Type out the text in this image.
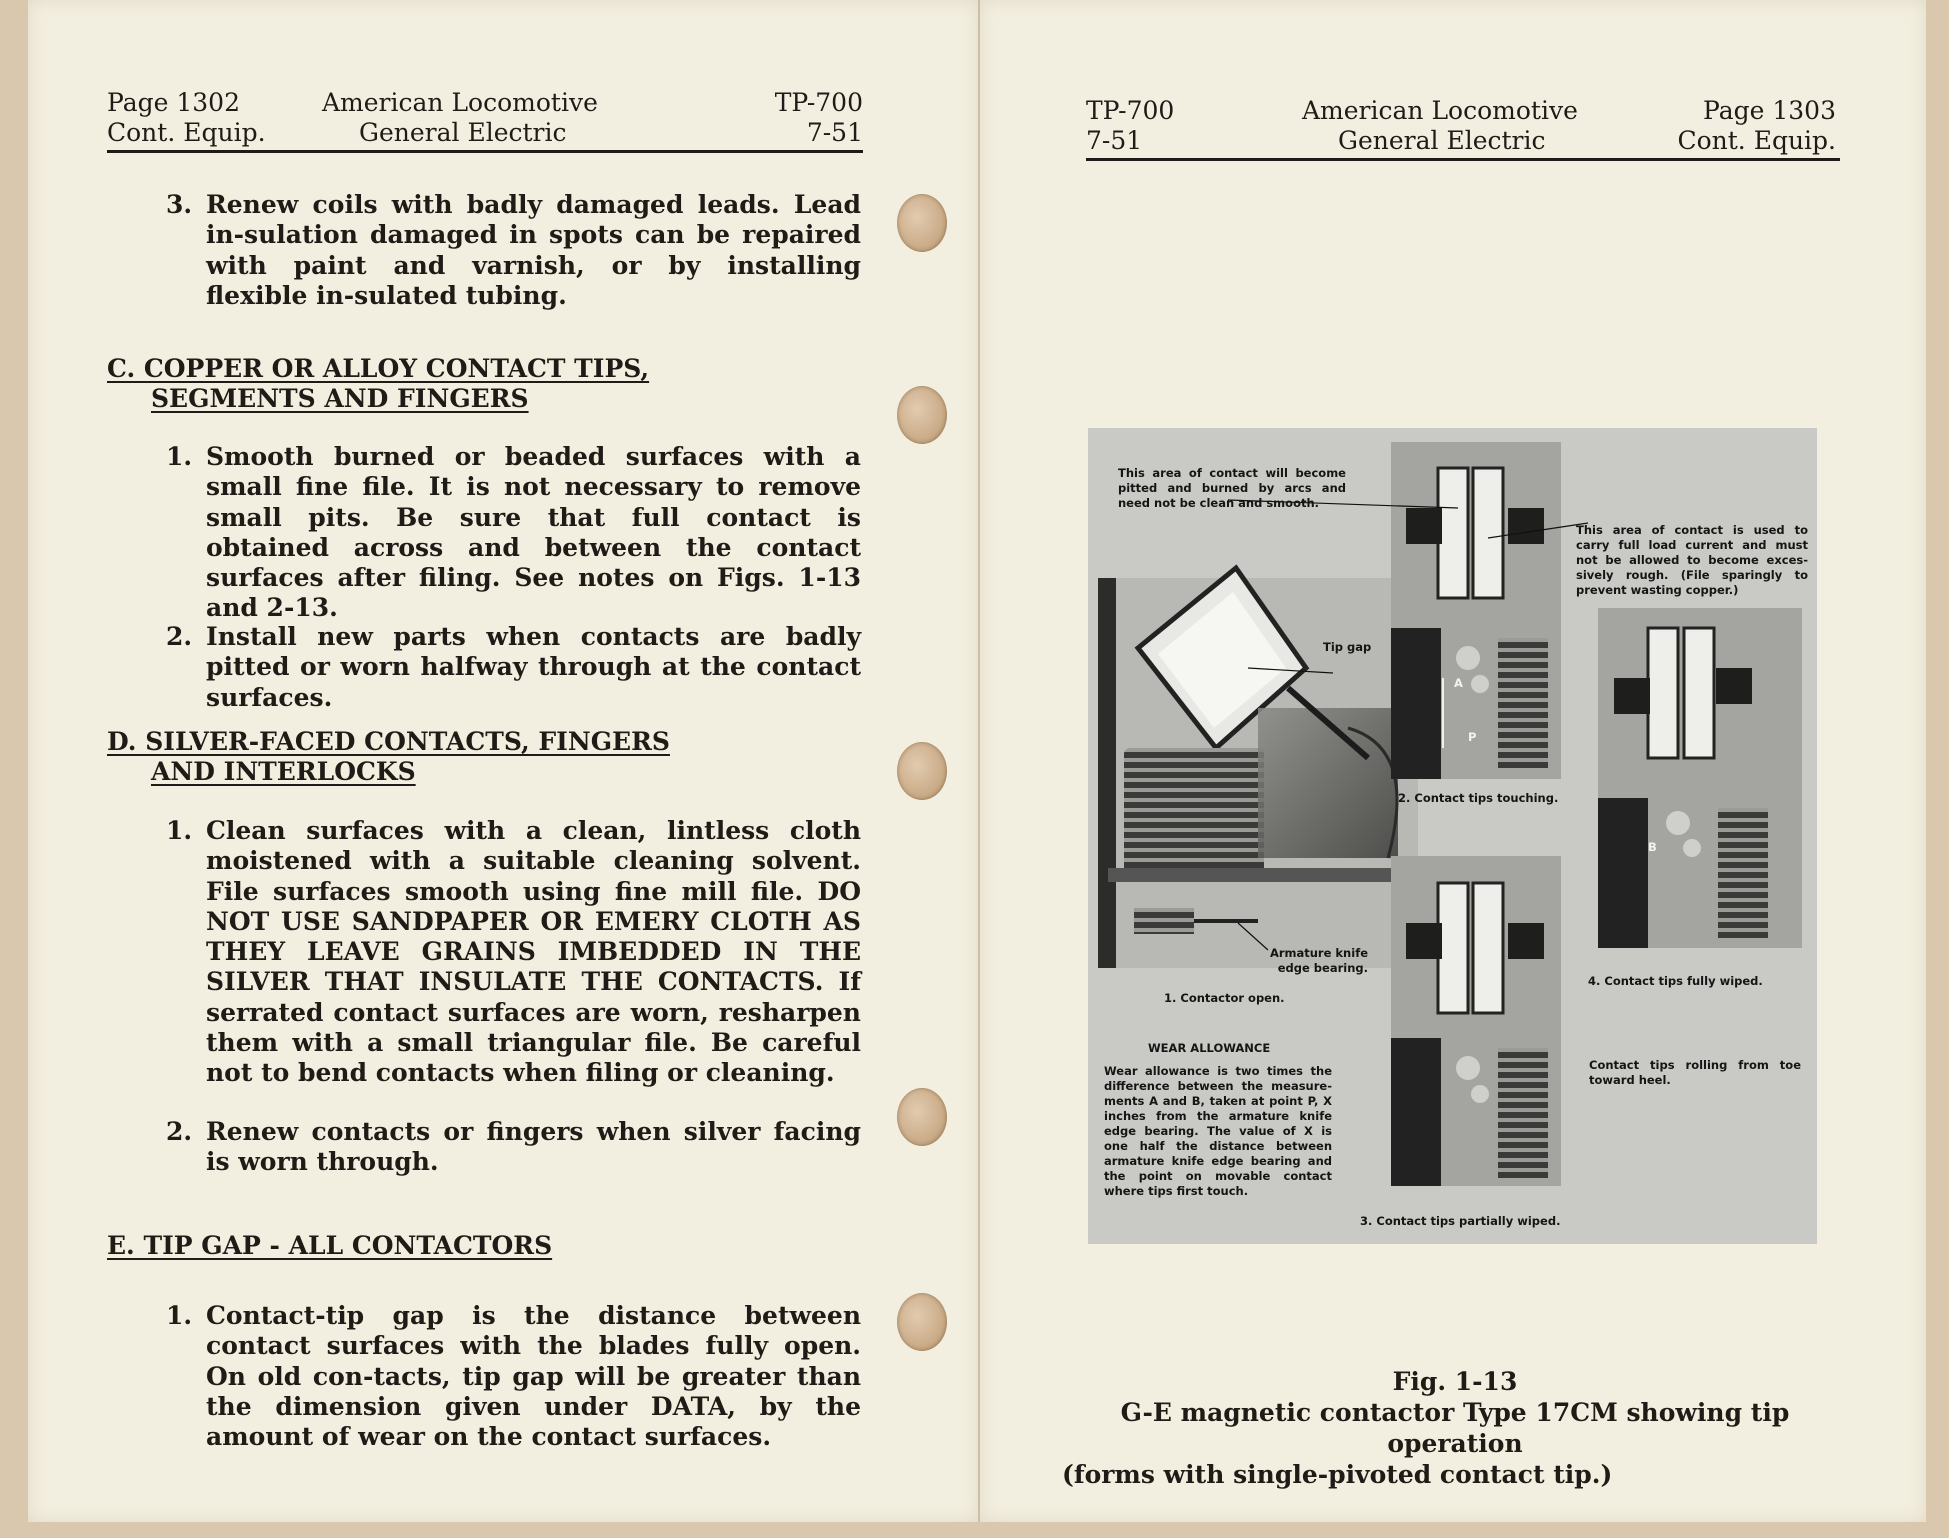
Page 1302
Cont. Equip.
American Locomotive
General Electric
TP-700
7-51
3. Renew coils with badly damaged leads. Lead in-sulation damaged in spots can be repaired with paint and varnish, or by installing flexible in-sulated tubing.
C. COPPER OR ALLOY CONTACT TIPS,
SEGMENTS AND FINGERS
1. Smooth burned or beaded surfaces with a small fine file. It is not necessary to remove small pits. Be sure that full contact is obtained across and between the contact surfaces after filing. See notes on Figs. 1-13 and 2-13.
2. Install new parts when contacts are badly pitted or worn halfway through at the contact surfaces.
D. SILVER-FACED CONTACTS, FINGERS
AND INTERLOCKS
1. Clean surfaces with a clean, lintless cloth moistened with a suitable cleaning solvent. File surfaces smooth using fine mill file. DO NOT USE SANDPAPER OR EMERY CLOTH AS THEY LEAVE GRAINS IMBEDDED IN THE SILVER THAT INSULATE THE CONTACTS. If serrated contact surfaces are worn, resharpen them with a small triangular file. Be careful not to bend contacts when filing or cleaning.
2. Renew contacts or fingers when silver facing is worn through.
E. TIP GAP - ALL CONTACTORS
1. Contact-tip gap is the distance between contact surfaces with the blades fully open. On old con-tacts, tip gap will be greater than the dimension given under DATA, by the amount of wear on the contact surfaces.
TP-700
7-51
American Locomotive
General Electric
Page 1303
Cont. Equip.
This area of contact will become pitted and burned by arcs and need not be clean and smooth.
This area of contact is used to carry full load current and must not be allowed to become exces-sively rough. (File sparingly to prevent wasting copper.)
Tip gap
A
P
2. Contact tips touching.
B
Armature knife
edge bearing.
1. Contactor open.
4. Contact tips fully wiped.
WEAR ALLOWANCE
Wear allowance is two times the difference between the measure-ments A and B, taken at point P, X inches from the armature knife edge bearing. The value of X is one half the distance between armature knife edge bearing and the point on movable contact where tips first touch.
Contact tips rolling from toe toward heel.
3. Contact tips partially wiped.
Fig. 1-13
G-E magnetic contactor Type 17CM showing tip operation
(forms with single-pivoted contact tip.)
